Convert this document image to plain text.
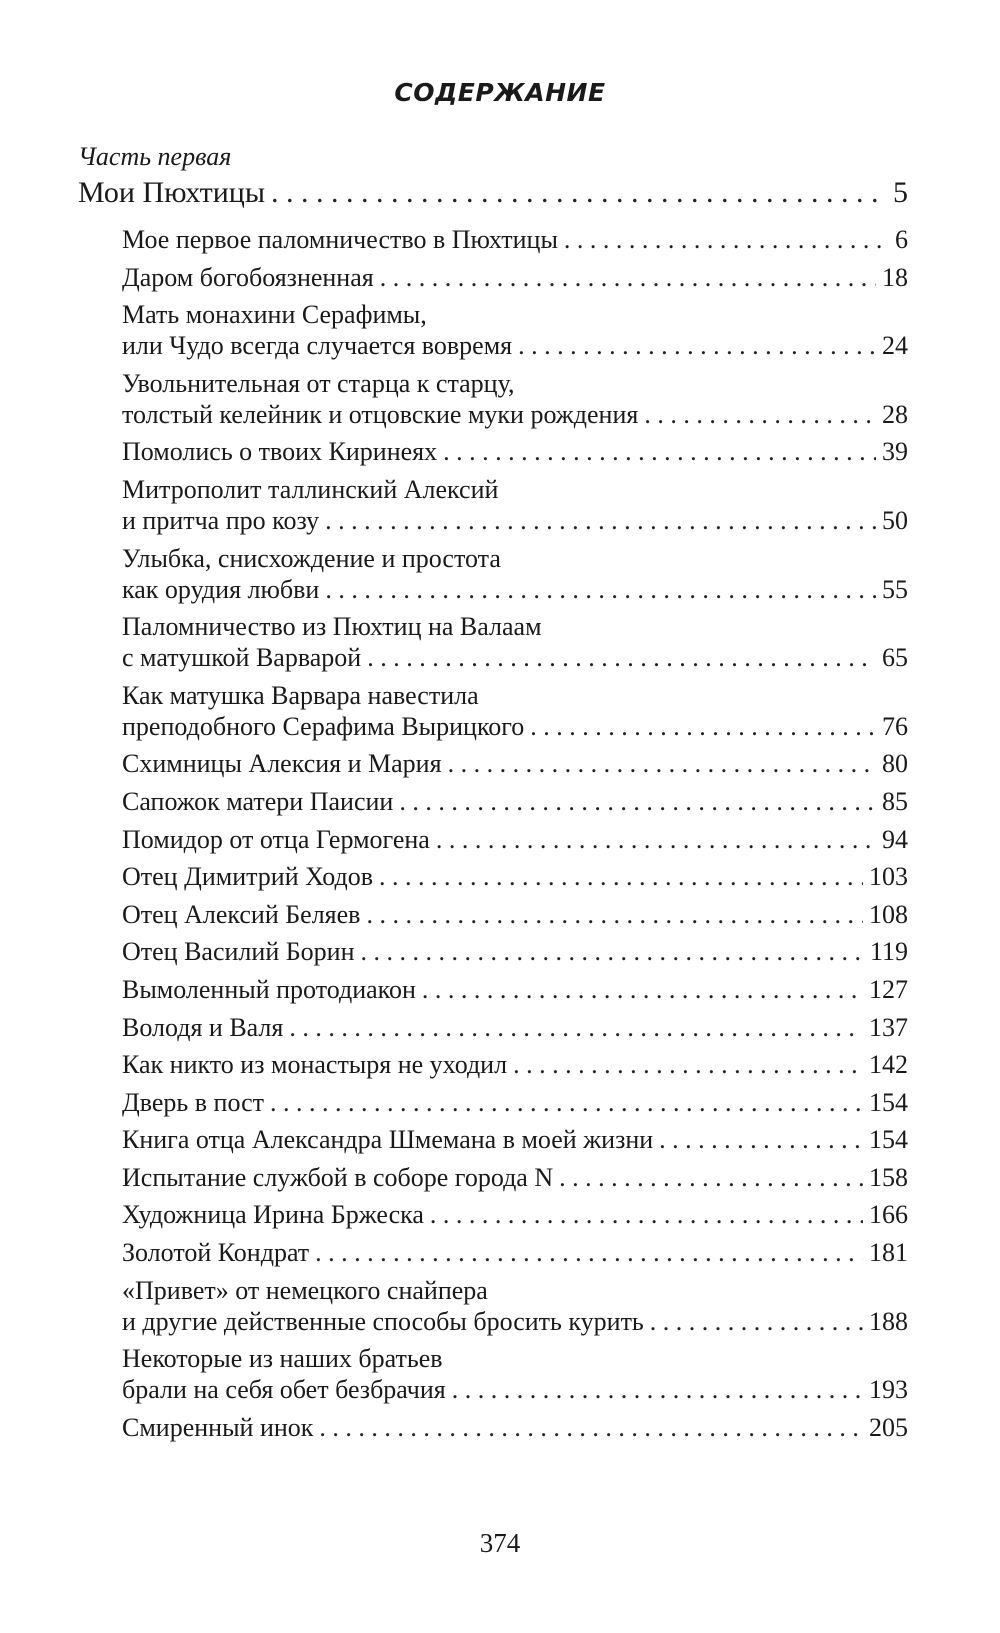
СОДЕРЖАНИЕ
Часть первая
Мои Пюхтицы . . .	5
Мое первое паломничество в Пюхтицы . . .	6
Даром богобоязненная . . .	18
Мать монахини Серафимы,
или Чудо всегда случается вовремя . . .	24
Увольнительная от старца к старцу,
толстый келейник и отцовские муки рождения . . .	28
Помолись о твоих Киринеях . . .	39
Митрополит таллинский Алексий
и притча про козу . . .	50
Улыбка, снисхождение и простота
как орудия любви . . .	55
Паломничество из Пюхтиц на Валаам
с матушкой Варварой . . .	65
Как матушка Варвара навестила
преподобного Серафима Вырицкого . . .	76
Схимницы Алексия и Мария . . .	80
Сапожок матери Паисии . . .	85
Помидор от отца Гермогена . . .	94
Отец Димитрий Ходов . . .	103
Отец Алексий Беляев . . .	108
Отец Василий Борин . . .	119
Вымоленный протодиакон . . .	127
Володя и Валя . . .	137
Как никто из монастыря не уходил . . .	142
Дверь в пост . . .	154
Книга отца Александра Шмемана в моей жизни . . .	154
Испытание службой в соборе города N . . .	158
Художница Ирина Бржеска . . .	166
Золотой Кондрат . . .	181
«Привет» от немецкого снайпера
и другие действенные способы бросить курить . . .	188
Некоторые из наших братьев
брали на себя обет безбрачия . . .	193
Смиренный инок . . .	205
374
